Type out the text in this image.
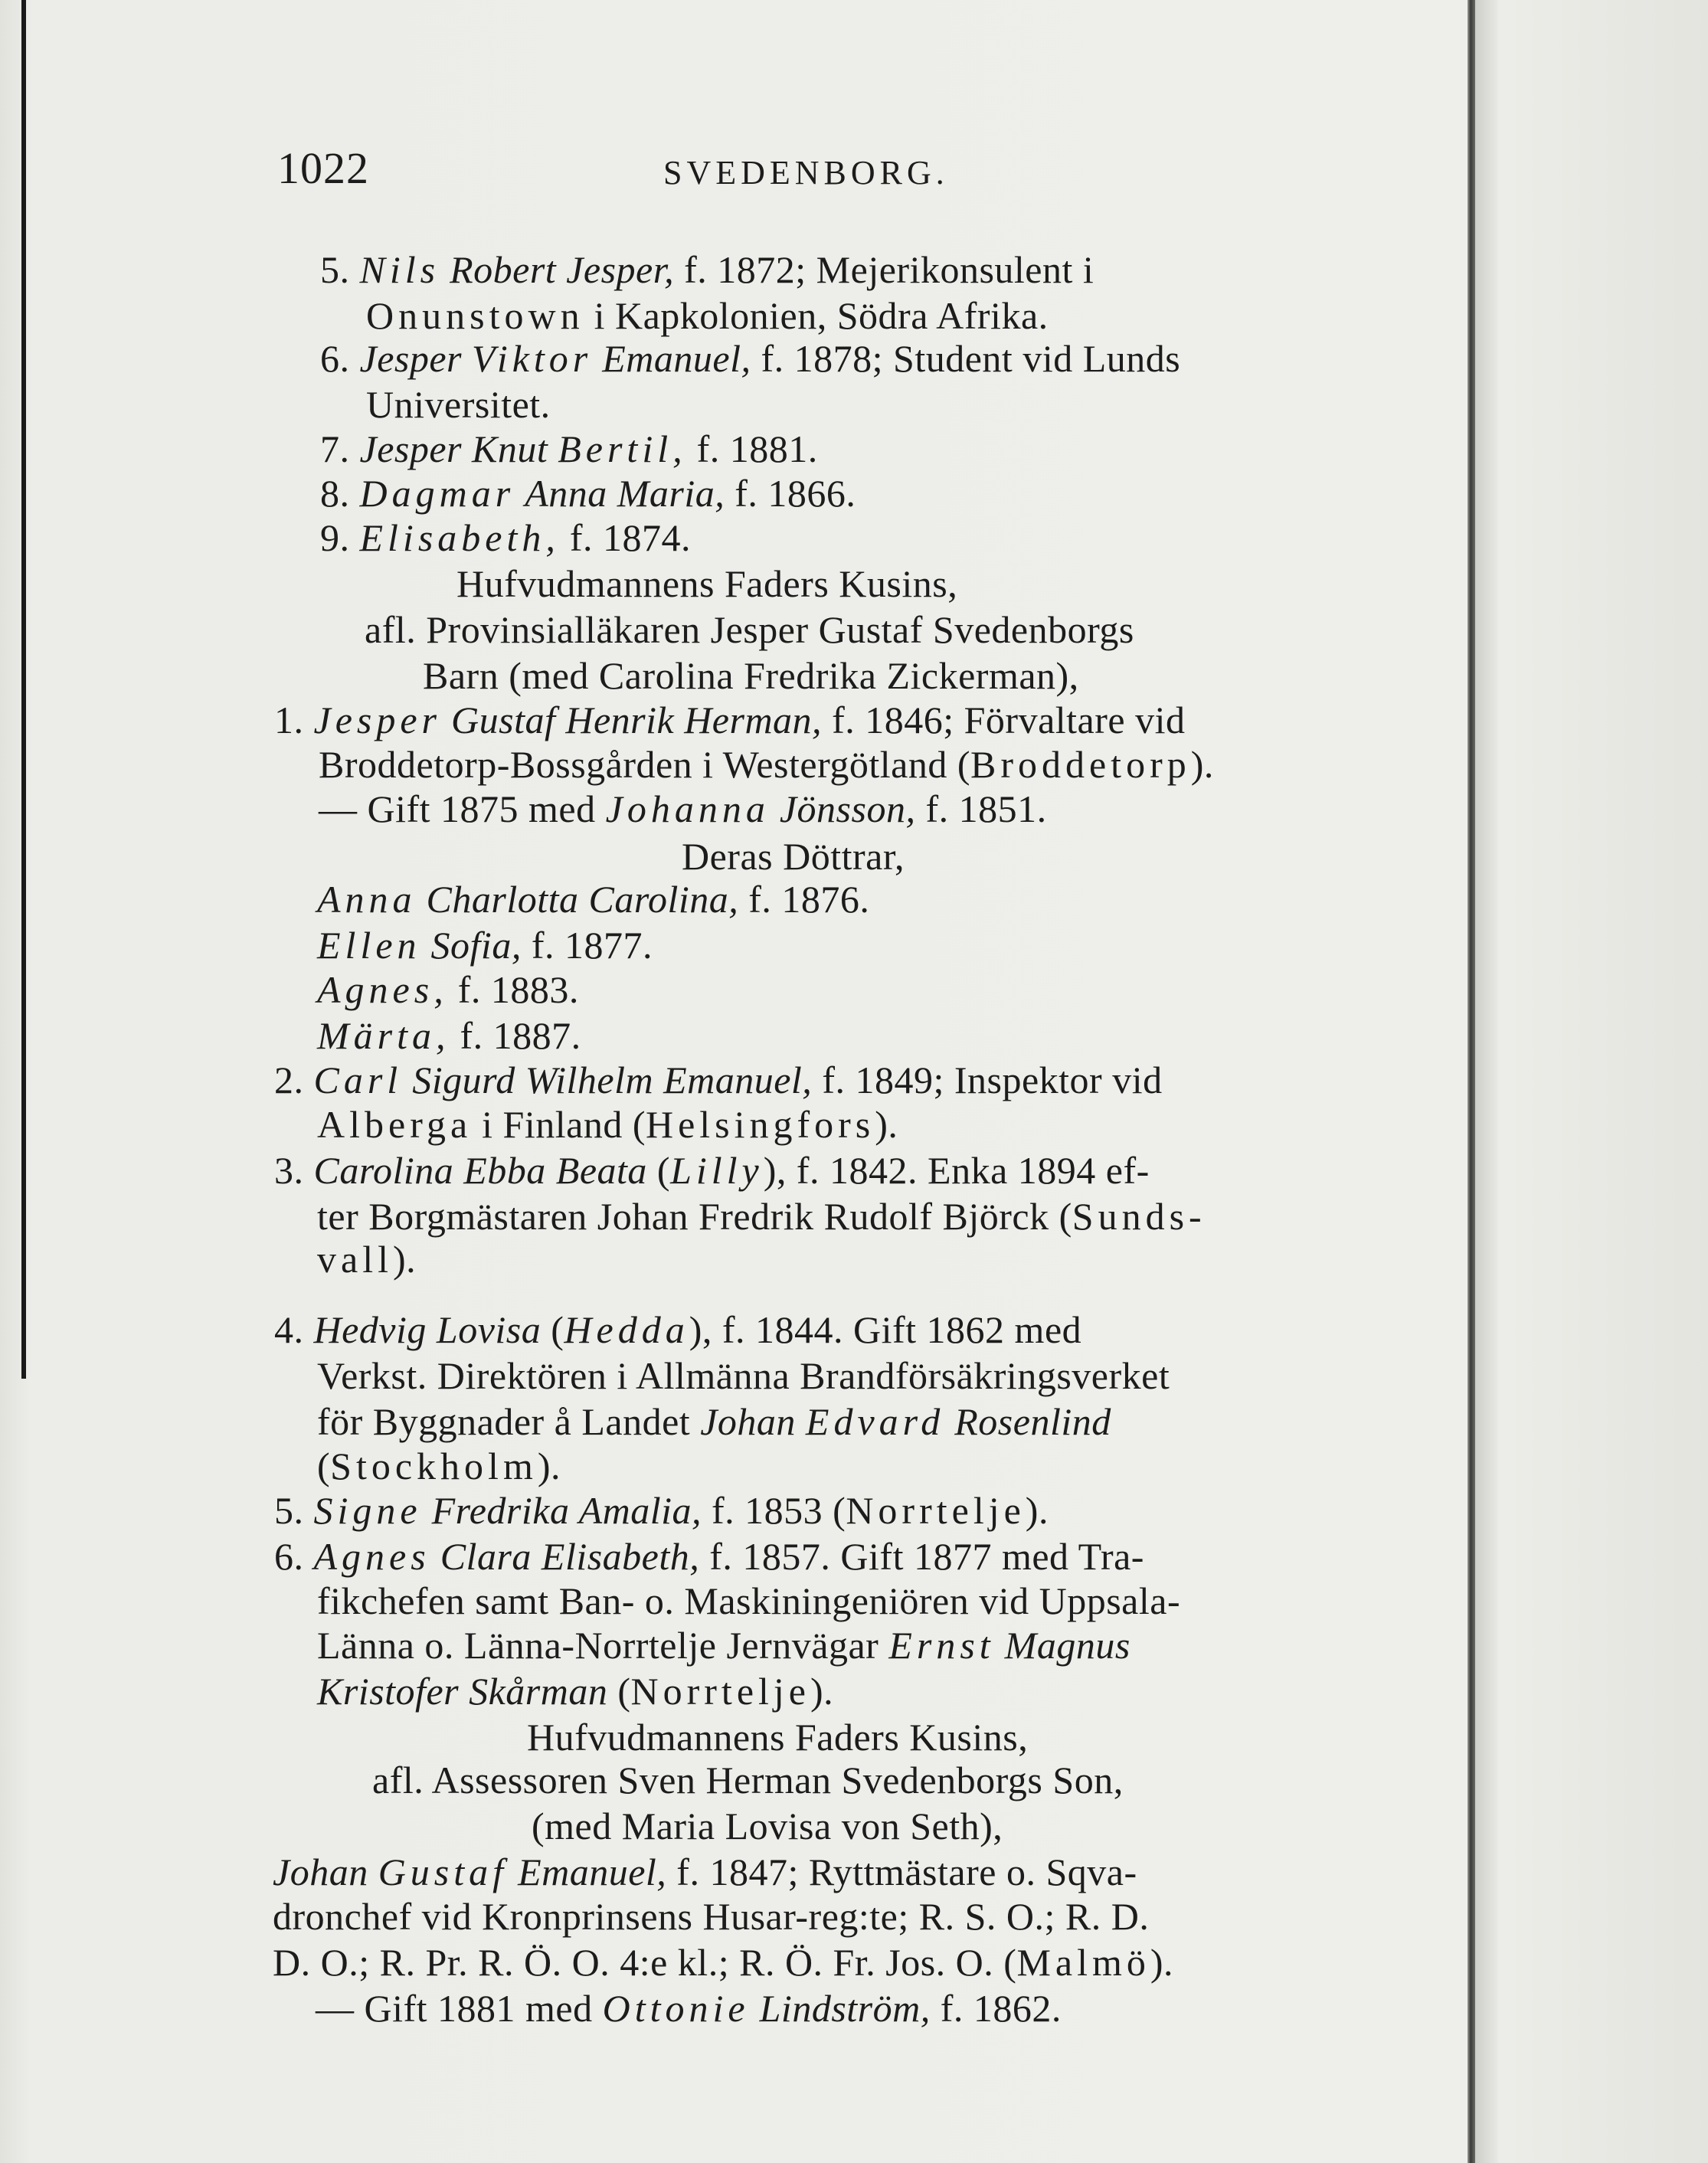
1022	SVEDENBORG.
5. Nils Robert Jesper, f. 1872; Mejerikonsulent i
Onunstown i Kapkolonien, Södra Afrika.
6. Jesper Viktor Emanuel, f. 1878; Student vid Lunds
Universitet.
7. Jesper Knut Bertil, f. 1881.
8. Dagmar Anna Maria, f. 1866.
9. Elisabeth, f. 1874.
Hufvudmannens Faders Kusins,
afl. Provinsialläkaren Jesper Gustaf Svedenborgs
Barn (med Carolina Fredrika Zickerman),
1. Jesper Gustaf Henrik Herman, f. 1846; Förvaltare vid
Broddetorp-Bossgården i Westergötland (Broddetorp).
— Gift 1875 med Johanna Jönsson, f. 1851.
Deras Döttrar,
Anna Charlotta Carolina, f. 1876.
Ellen Sofia, f. 1877.
Agnes, f. 1883.
Märta, f. 1887.
2. Carl Sigurd Wilhelm Emanuel, f. 1849; Inspektor vid
Alberga i Finland (Helsingfors).
3. Carolina Ebba Beata (Lilly), f. 1842. Enka 1894 ef-
ter Borgmästaren Johan Fredrik Rudolf Björck (Sunds-
vall).
4. Hedvig Lovisa (Hedda), f. 1844. Gift 1862 med
Verkst. Direktören i Allmänna Brandförsäkringsverket
för Byggnader å Landet Johan Edvard Rosenlind
(Stockholm).
5. Signe Fredrika Amalia, f. 1853 (Norrtelje).
6. Agnes Clara Elisabeth, f. 1857. Gift 1877 med Tra-
fikchefen samt Ban- o. Maskiningeniören vid Uppsala-
Länna o. Länna-Norrtelje Jernvägar Ernst Magnus
Kristofer Skårman (Norrtelje).
Hufvudmannens Faders Kusins,
afl. Assessoren Sven Herman Svedenborgs Son,
(med Maria Lovisa von Seth),
Johan Gustaf Emanuel, f. 1847; Ryttmästare o. Sqva-
dronchef vid Kronprinsens Husar-reg:te; R. S. O.; R. D.
D. O.; R. Pr. R. Ö. O. 4:e kl.; R. Ö. Fr. Jos. O. (Malmö).
— Gift 1881 med Ottonie Lindström, f. 1862.
